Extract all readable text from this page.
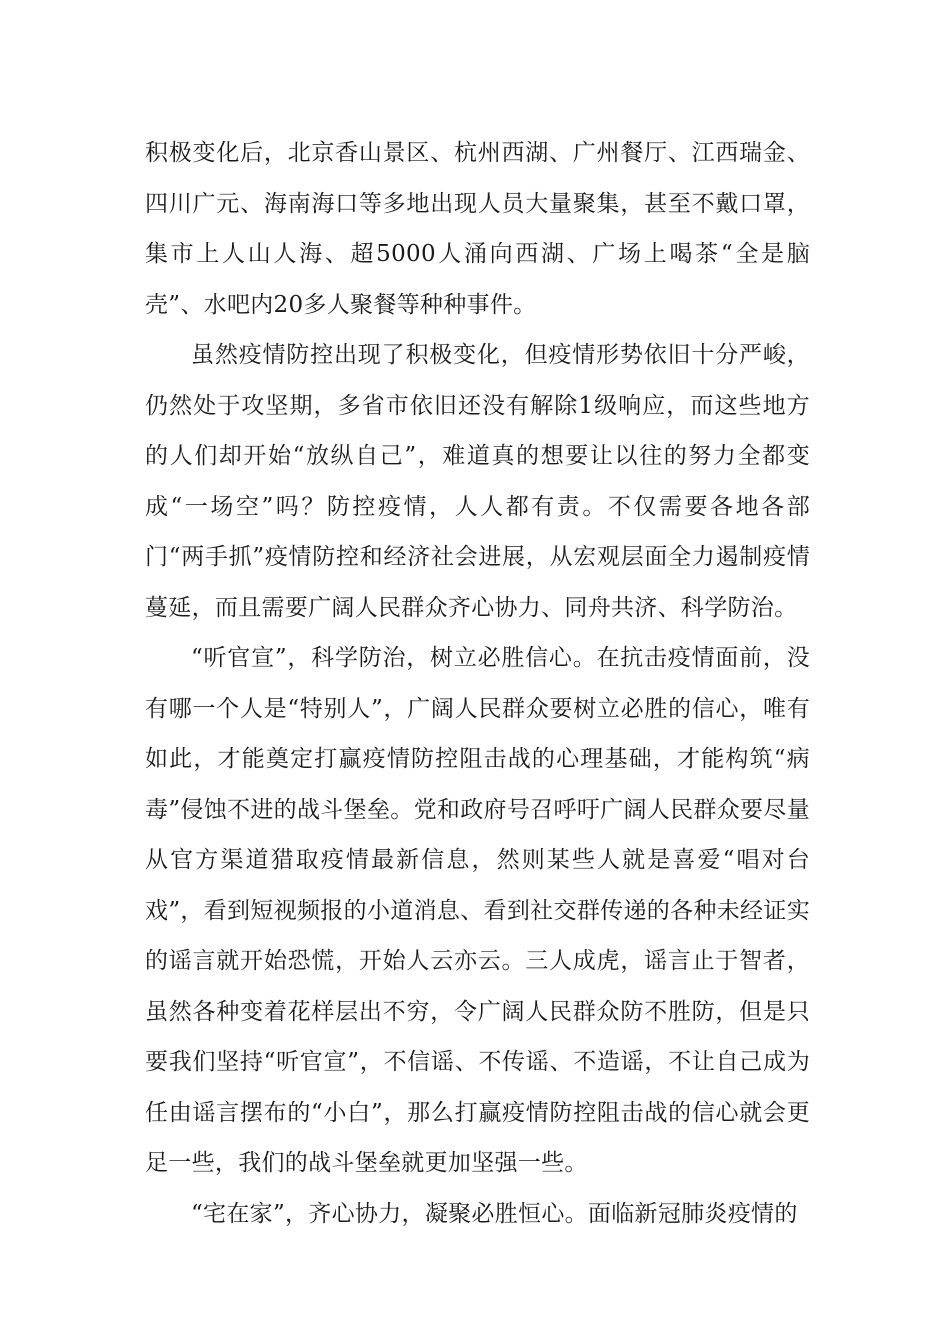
积极变化后，北京香山景区、杭州西湖、广州餐厅、江西瑞金、四川广元、海南海口等多地出现人员大量聚集，甚至不戴口罩，集市上人山人海、超5000人涌向西湖、广场上喝茶“全是脑壳”、水吧内20多人聚餐等种种事件。

虽然疫情防控出现了积极变化，但疫情形势依旧十分严峻，仍然处于攻坚期，多省市依旧还没有解除1级响应，而这些地方的人们却开始“放纵自己”，难道真的想要让以往的努力全都变成“一场空”吗？防控疫情，人人都有责。不仅需要各地各部门“两手抓”疫情防控和经济社会进展，从宏观层面全力遏制疫情蔓延，而且需要广阔人民群众齐心协力、同舟共济、科学防治。

“听官宣”，科学防治，树立必胜信心。在抗击疫情面前，没有哪一个人是“特别人”，广阔人民群众要树立必胜的信心，唯有如此，才能奠定打赢疫情防控阻击战的心理基础，才能构筑“病毒”侵蚀不进的战斗堡垒。党和政府号召呼吁广阔人民群众要尽量从官方渠道猎取疫情最新信息，然则某些人就是喜爱“唱对台戏”，看到短视频报的小道消息、看到社交群传递的各种未经证实的谣言就开始恐慌，开始人云亦云。三人成虎，谣言止于智者，虽然各种变着花样层出不穷，令广阔人民群众防不胜防，但是只要我们坚持“听官宣”，不信谣、不传谣、不造谣，不让自己成为任由谣言摆布的“小白”，那么打赢疫情防控阻击战的信心就会更足一些，我们的战斗堡垒就更加坚强一些。

“宅在家”，齐心协力，凝聚必胜恒心。面临新冠肺炎疫情的
